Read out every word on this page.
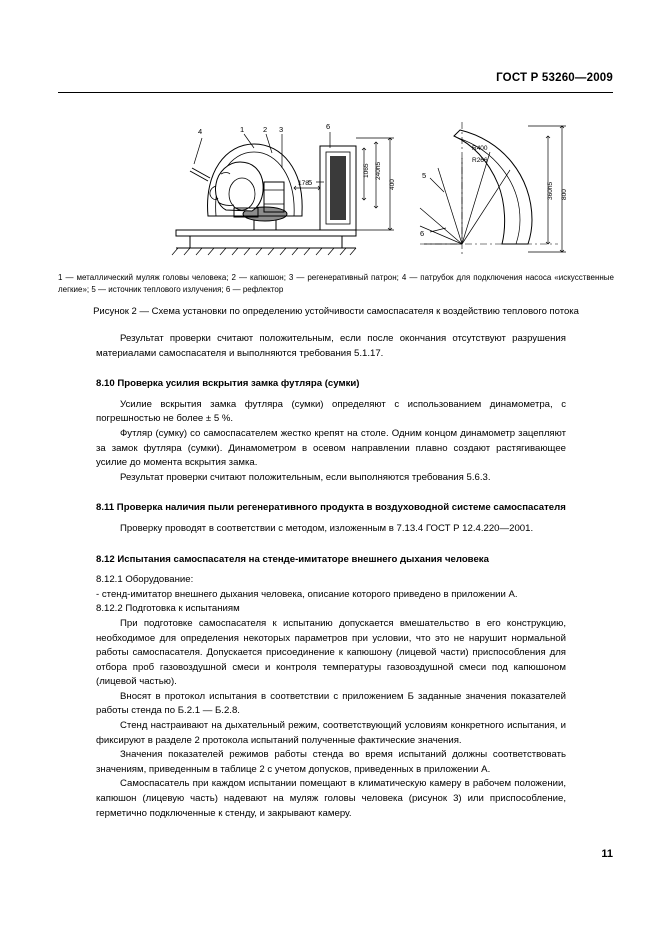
ГОСТ Р 53260—2009
1	2 3
4
6
5
5
6
178
1065 240h5
400
R400
R266
360h5 800
1 — металлический муляж головы человека; 2 — капюшон; 3 — регенеративный патрон; 4 — патрубок для подключения насоса «искусственные легкие»; 5 — источник теплового излучения; 6 — рефлектор
Рисунок 2 — Схема установки по определению устойчивости самоспасателя к воздействию теплового потока

Результат проверки считают положительным, если после окончания отсутствуют разрушения материалами самоспасателя и выполняются требования 5.1.17.

8.10 Проверка усилия вскрытия замка футляра (сумки)

Усилие вскрытия замка футляра (сумки) определяют с использованием динамометра, с погрешностью не более ± 5 %.

Футляр (сумку) со самоспасателем жестко крепят на столе. Одним концом динамометр зацепляют за замок футляра (сумки). Динамометром в осевом направлении плавно создают растягивающее усилие до момента вскрытия замка.

Результат проверки считают положительным, если выполняются требования 5.6.3.

8.11 Проверка наличия пыли регенеративного продукта в воздуховодной системе самоспасателя

Проверку проводят в соответствии с методом, изложенным в 7.13.4 ГОСТ Р 12.4.220—2001.

8.12 Испытания самоспасателя на стенде-имитаторе внешнего дыхания человека

8.12.1 Оборудование:

- стенд-имитатор внешнего дыхания человека, описание которого приведено в приложении А.

8.12.2 Подготовка к испытаниям

При подготовке самоспасателя к испытанию допускается вмешательство в его конструкцию, необходимое для определения некоторых параметров при условии, что это не нарушит нормальной работы самоспасателя. Допускается присоединение к капюшону (лицевой части) приспособления для отбора проб газовоздушной смеси и контроля температуры газовоздушной смеси под капюшоном (лицевой частью).

Вносят в протокол испытания в соответствии с приложением Б заданные значения показателей работы стенда по Б.2.1 — Б.2.8.

Стенд настраивают на дыхательный режим, соответствующий условиям конкретного испытания, и фиксируют в разделе 2 протокола испытаний полученные фактические значения.

Значения показателей режимов работы стенда во время испытаний должны соответствовать значениям, приведенным в таблице 2 с учетом допусков, приведенных в приложении А.

Самоспасатель при каждом испытании помещают в климатическую камеру в рабочем положении, капюшон (лицевую часть) надевают на муляж головы человека (рисунок 3) или приспособление, герметично подключенные к стенду, и закрывают камеру.

11
